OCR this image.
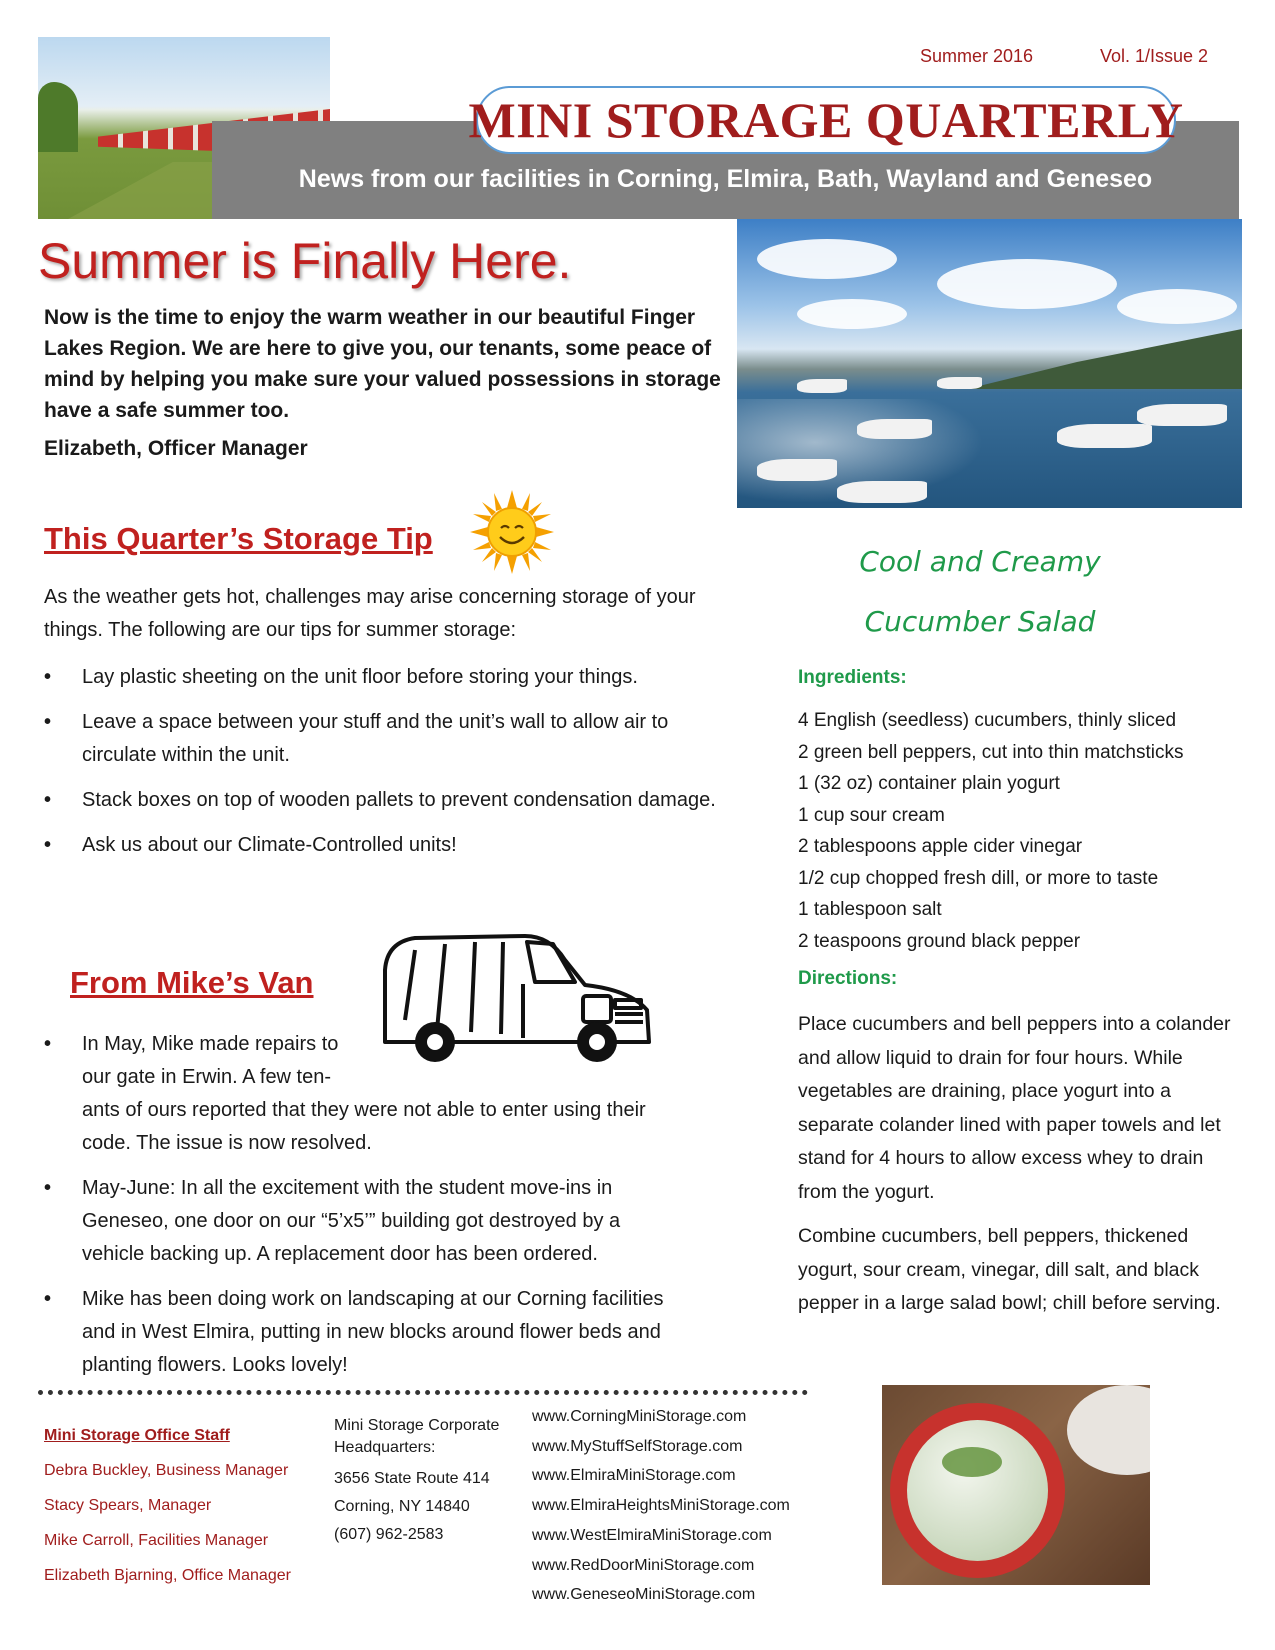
Summer 2016	Vol. 1/Issue 2
MINI STORAGE QUARTERLY
News from our facilities in Corning, Elmira, Bath, Wayland and Geneseo
Summer is Finally Here.
Now is the time to enjoy the warm weather in our beautiful Finger Lakes Region. We are here to give you, our tenants, some peace of mind by helping you make sure your valued possessions in storage have a safe summer too.
Elizabeth, Officer Manager
This Quarter’s Storage Tip
As the weather gets hot, challenges may arise concerning storage of your things. The following are our tips for summer storage:
• Lay plastic sheeting on the unit floor before storing your things.
• Leave a space between your stuff and the unit’s wall to allow air to circulate within the unit.
• Stack boxes on top of wooden pallets to prevent condensation damage.
• Ask us about our Climate-Controlled units!
From Mike’s Van
• In May, Mike made repairs to our gate in Erwin. A few ten-
ants of ours reported that they were not able to enter using their code. The issue is now resolved.
• May-June: In all the excitement with the student move-ins in Geneseo, one door on our “5’x5’” building got destroyed by a vehicle backing up. A replacement door has been ordered.
• Mike has been doing work on landscaping at our Corning facilities and in West Elmira, putting in new blocks around flower beds and planting flowers. Looks lovely!
Mini Storage Office Staff
Debra Buckley, Business Manager
Stacy Spears, Manager
Mike Carroll, Facilities Manager
Elizabeth Bjarning, Office Manager
Mini Storage Corporate Headquarters:
3656 State Route 414
Corning, NY 14840
(607) 962-2583
www.CorningMiniStorage.com
www.MyStuffSelfStorage.com
www.ElmiraMiniStorage.com
www.ElmiraHeightsMiniStorage.com
www.WestElmiraMiniStorage.com
www.RedDoorMiniStorage.com
www.GeneseoMiniStorage.com
Cool and Creamy
Cucumber Salad
Ingredients:
4 English (seedless) cucumbers, thinly sliced
2 green bell peppers, cut into thin matchsticks
1 (32 oz) container plain yogurt
1 cup sour cream
2 tablespoons apple cider vinegar
1/2 cup chopped fresh dill, or more to taste
1 tablespoon salt
2 teaspoons ground black pepper
Directions:

Place cucumbers and bell peppers into a colander and allow liquid to drain for four hours. While vegetables are draining, place yogurt into a separate colander lined with paper towels and let stand for 4 hours to allow excess whey to drain from the yogurt.

Combine cucumbers, bell peppers, thickened yogurt, sour cream, vinegar, dill salt, and black pepper in a large salad bowl; chill before serving.
